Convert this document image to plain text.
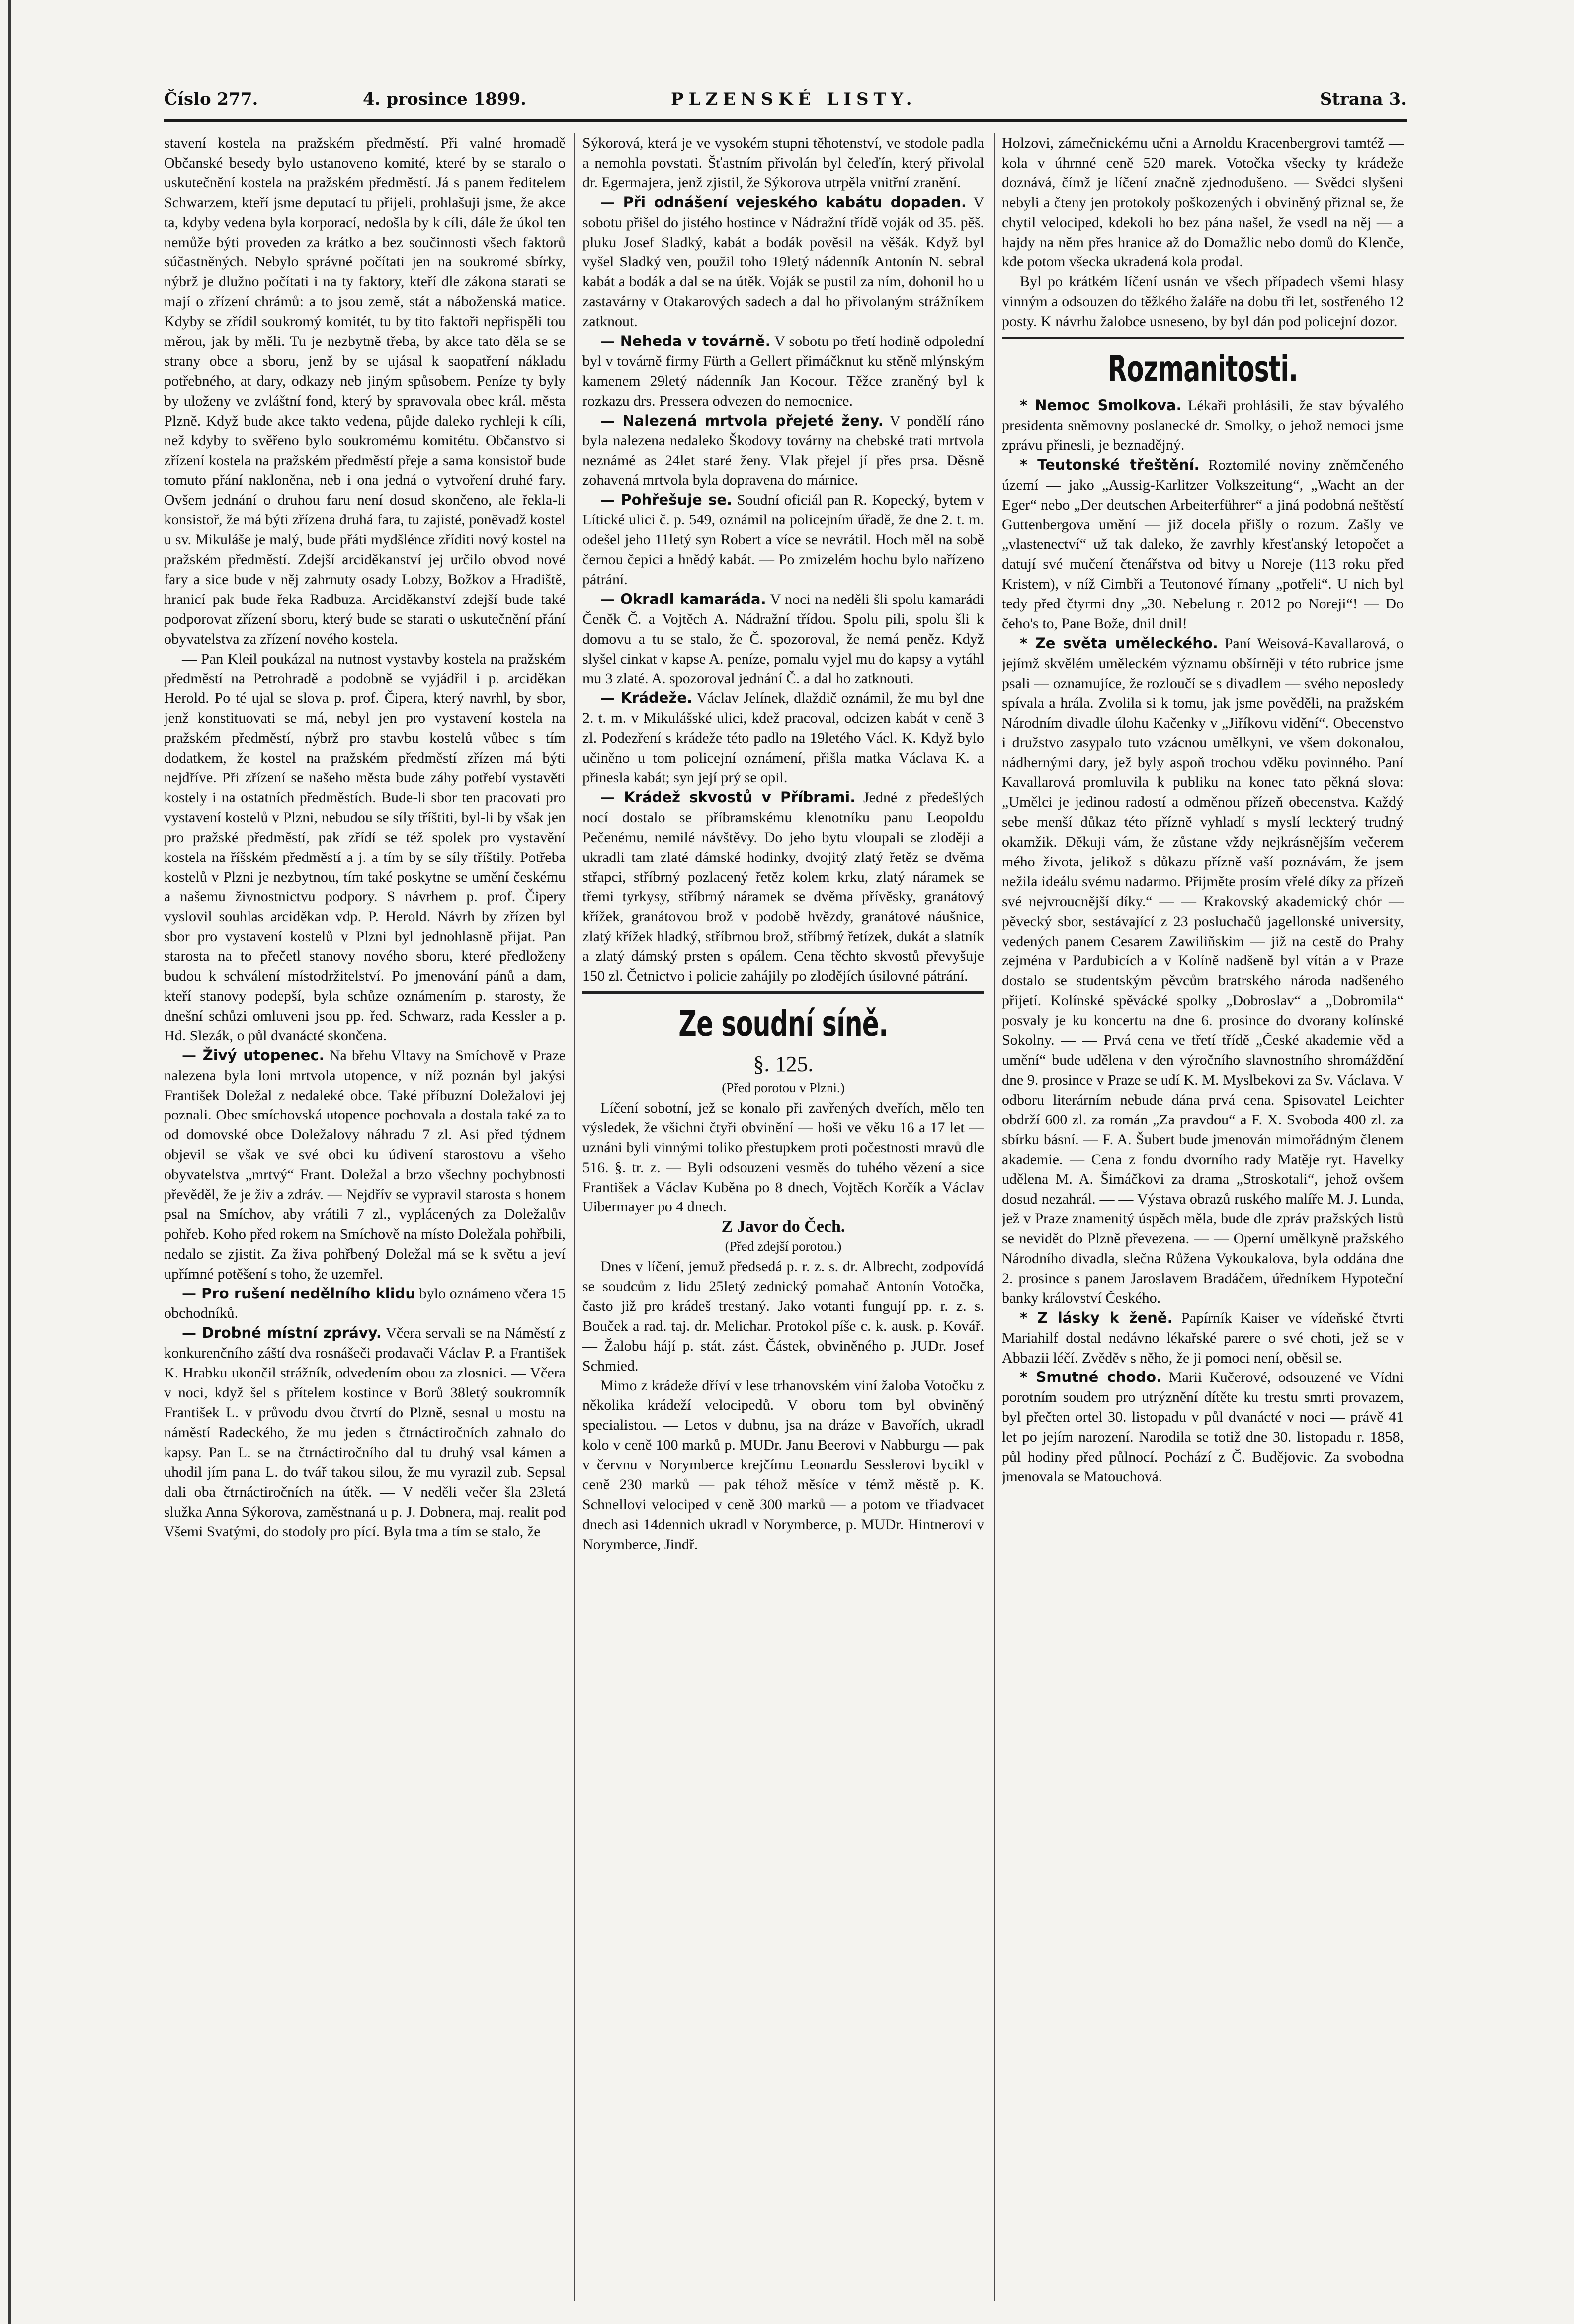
Číslo 277.	4. prosince 1899.	PLZENSKÉ LISTY.	Strana 3.

stavení kostela na pražském předměstí. Při valné hromadě Občanské besedy bylo ustanoveno komité, které by se staralo o uskutečnění kostela na pražském předměstí. Já s panem ředitelem Schwarzem, kteří jsme deputací tu přijeli, prohlašuji jsme, že akce ta, kdyby vedena byla korporací, nedošla by k cíli, dále že úkol ten nemůže býti proveden za krátko a bez součinnosti všech faktorů súčastněných. Nebylo správné počítati jen na soukromé sbírky, nýbrž je dlužno počítati i na ty faktory, kteří dle zákona starati se mají o zřízení chrámů: a to jsou země, stát a náboženská matice. Kdyby se zřídil soukromý komitét, tu by tito faktoři nepřispěli tou měrou, jak by měli. Tu je nezbytně třeba, by akce tato děla se se strany obce a sboru, jenž by se ujásal k saopatření nákladu potřebného, at dary, odkazy neb jiným spůsobem. Peníze ty byly by uloženy ve zvláštní fond, který by spravovala obec král. města Plzně. Když bude akce takto vedena, půjde daleko rychleji k cíli, než kdyby to svěřeno bylo soukromému komitétu. Občanstvo si zřízení kostela na pražském předměstí přeje a sama konsistoř bude tomuto přání nakloněna, neb i ona jedná o vytvoření druhé fary. Ovšem jednání o druhou faru není dosud skončeno, ale řekla-li konsistoř, že má býti zřízena druhá fara, tu zajisté, poněvadž kostel u sv. Mikuláše je malý, bude přáti mydšlénce zříditi nový kostel na pražském předměstí. Zdejší arciděkanství jej určilo obvod nové fary a sice bude v něj zahrnuty osady Lobzy, Božkov a Hradiště, hranicí pak bude řeka Radbuza. Arciděkanství zdejší bude také podporovat zřízení sboru, který bude se starati o uskutečnění přání obyvatelstva za zřízení nového kostela.

— Pan Kleil poukázal na nutnost vystavby kostela na pražském předměstí na Petrohradě a podobně se vyjádřil i p. arciděkan Herold. Po té ujal se slova p. prof. Čipera, který navrhl, by sbor, jenž konstituovati se má, nebyl jen pro vystavení kostela na pražském předměstí, nýbrž pro stavbu kostelů vůbec s tím dodatkem, že kostel na pražském předměstí zřízen má býti nejdříve. Při zřízení se našeho města bude záhy potřebí vystavěti kostely i na ostatních předměstích. Bude-li sbor ten pracovati pro vystavení kostelů v Plzni, nebudou se síly tříštiti, byl-li by však jen pro pražské předměstí, pak zřídí se též spolek pro vystavění kostela na říšském předměstí a j. a tím by se síly tříštily. Potřeba kostelů v Plzni je nezbytnou, tím také poskytne se umění českému a našemu živnostnictvu podpory. S návrhem p. prof. Čipery vyslovil souhlas arciděkan vdp. P. Herold. Návrh by zřízen byl sbor pro vystavení kostelů v Plzni byl jednohlasně přijat. Pan starosta na to přečetl stanovy nového sboru, které předloženy budou k schválení místodržitelství. Po jmenování pánů a dam, kteří stanovy podepší, byla schůze oznámením p. starosty, že dnešní schůzi omluveni jsou pp. řed. Schwarz, rada Kessler a p. Hd. Slezák, o půl dvanácté skončena.

— Živý utopenec. Na břehu Vltavy na Smíchově v Praze nalezena byla loni mrtvola utopence, v níž poznán byl jakýsi František Doležal z nedaleké obce. Také příbuzní Doležalovi jej poznali. Obec smíchovská utopence pochovala a dostala také za to od domovské obce Doležalovy náhradu 7 zl. Asi před týdnem objevil se však ve své obci ku údivení starostovu a všeho obyvatelstva „mrtvý“ Frant. Doležal a brzo všechny pochybnosti převěděl, že je živ a zdráv. — Nejdřív se vypravil starosta s honem psal na Smíchov, aby vrátili 7 zl., vyplácených za Doležalův pohřeb. Koho před rokem na Smíchově na místo Doležala pohřbili, nedalo se zjistit. Za živa pohřbený Doležal má se k světu a jeví upřímné potěšení s toho, že uzemřel.

— Pro rušení nedělního klidu bylo oznámeno včera 15 obchodníků.

— Drobné místní zprávy. Včera servali se na Náměstí z konkurenčního záští dva rosnášeči prodavači Václav P. a František K. Hrabku ukončil strážník, odvedením obou za zlosnici. — Včera v noci, když šel s přítelem kostince v Borů 38letý soukromník František L. v průvodu dvou čtvrtí do Plzně, sesnal u mostu na náměstí Radeckého, že mu jeden s čtrnáctiročních zahnalo do kapsy. Pan L. se na čtrnáctiročního dal tu druhý vsal kámen a uhodil jím pana L. do tvář takou silou, že mu vyrazil zub. Sepsal dali oba čtrnáctiročních na útěk. — V neděli večer šla 23letá služka Anna Sýkorova, zaměstnaná u p. J. Dobnera, maj. realit pod Všemi Svatými, do stodoly pro pící. Byla tma a tím se stalo, že

Sýkorová, která je ve vysokém stupni těhotenství, ve stodole padla a nemohla povstati. Šťastním přivolán byl čeleďín, který přivolal dr. Egermajera, jenž zjistil, že Sýkorova utrpěla vnitřní zranění.

— Při odnášení vejeského kabátu dopaden. V sobotu přišel do jistého hostince v Nádražní třídě voják od 35. pěš. pluku Josef Sladký, kabát a bodák pověsil na věšák. Když byl vyšel Sladký ven, použil toho 19letý nádenník Antonín N. sebral kabát a bodák a dal se na útěk. Voják se pustil za ním, dohonil ho u zastavárny v Otakarových sadech a dal ho přivolaným strážníkem zatknout.

— Neheda v továrně. V sobotu po třetí hodině odpolední byl v továrně firmy Fürth a Gellert přimáčknut ku stěně mlýnským kamenem 29letý nádenník Jan Kocour. Těžce zraněný byl k rozkazu drs. Pressera odvezen do nemocnice.

— Nalezená mrtvola přejeté ženy. V pondělí ráno byla nalezena nedaleko Škodovy továrny na chebské trati mrtvola neznámé as 24let staré ženy. Vlak přejel jí přes prsa. Děsně zohavená mrtvola byla dopravena do márnice.

— Pohřešuje se. Soudní oficiál pan R. Kopecký, bytem v Lítické ulici č. p. 549, oznámil na policejním úřadě, že dne 2. t. m. odešel jeho 11letý syn Robert a více se nevrátil. Hoch měl na sobě černou čepici a hnědý kabát. — Po zmizelém hochu bylo nařízeno pátrání.

— Okradl kamaráda. V noci na neděli šli spolu kamarádi Čeněk Č. a Vojtěch A. Nádražní třídou. Spolu pili, spolu šli k domovu a tu se stalo, že Č. spozoroval, že nemá peněz. Když slyšel cinkat v kapse A. peníze, pomalu vyjel mu do kapsy a vytáhl mu 3 zlaté. A. spozoroval jednání Č. a dal ho zatknouti.

— Krádeže. Václav Jelínek, dlaždič oznámil, že mu byl dne 2. t. m. v Mikulášské ulici, kdež pracoval, odcizen kabát v ceně 3 zl. Podezření s krádeže této padlo na 19letého Václ. K. Když bylo učiněno u tom policejní oznámení, přišla matka Václava K. a přinesla kabát; syn její prý se opil.

— Krádež skvostů v Příbrami. Jedné z předešlých nocí dostalo se příbramskému klenotníku panu Leopoldu Pečenému, nemilé návštěvy. Do jeho bytu vloupali se zloději a ukradli tam zlaté dámské hodinky, dvojitý zlatý řetěz se dvěma střapci, stříbrný pozlacený řetěz kolem krku, zlatý náramek se třemi tyrkysy, stříbrný náramek se dvěma přívěsky, granátový křížek, granátovou brož v podobě hvězdy, granátové náušnice, zlatý křížek hladký, stříbrnou brož, stříbrný řetízek, dukát a slatník a zlatý dámský prsten s opálem. Cena těchto skvostů převyšuje 150 zl. Četnictvo i policie zahájily po zlodějích úsilovné pátrání.

Ze soudní síně.
§. 125.

(Před porotou v Plzni.)

Líčení sobotní, jež se konalo při zavřených dveřích, mělo ten výsledek, že všichni čtyři obvinění — hoši ve věku 16 a 17 let — uznáni byli vinnými toliko přestupkem proti počestnosti mravů dle 516. §. tr. z. — Byli odsouzeni vesměs do tuhého vězení a sice František a Václav Kuběna po 8 dnech, Vojtěch Korčík a Václav Uibermayer po 4 dnech.

Z Javor do Čech.

(Před zdejší porotou.)

Dnes v líčení, jemuž předsedá p. r. z. s. dr. Albrecht, zodpovídá se soudcům z lidu 25letý zednický pomahač Antonín Votočka, často již pro krádeš trestaný. Jako votanti fungují pp. r. z. s. Bouček a rad. taj. dr. Melichar. Protokol píše c. k. ausk. p. Kovář. — Žalobu hájí p. stát. zást. Částek, obviněného p. JUDr. Josef Schmied.

Mimo z krádeže dříví v lese trhanovském viní žaloba Votočku z několika krádeží velocipedů. V oboru tom byl obviněný specialistou. — Letos v dubnu, jsa na dráze v Bavořích, ukradl kolo v ceně 100 marků p. MUDr. Janu Beerovi v Nabburgu — pak v červnu v Norymberce krejčímu Leonardu Sesslerovi bycikl v ceně 230 marků — pak téhož měsíce v témž městě p. K. Schnellovi velociped v ceně 300 marků — a potom ve třiadvacet dnech asi 14dennich ukradl v Norymberce, p. MUDr. Hintnerovi v Norymberce, Jindř.

Holzovi, zámečnickému učni a Arnoldu Kracenbergrovi tamtéž — kola v úhrnné ceně 520 marek. Votočka všecky ty krádeže doznává, čímž je líčení značně zjednodušeno. — Svědci slyšeni nebyli a čteny jen protokoly poškozených i obviněný přiznal se, že chytil velociped, kdekoli ho bez pána našel, že vsedl na něj — a hajdy na něm přes hranice až do Domažlic nebo domů do Klenče, kde potom všecka ukradená kola prodal.

Byl po krátkém líčení usnán ve všech případech všemi hlasy vinným a odsouzen do těžkého žaláře na dobu tři let, sostřeného 12 posty. K návrhu žalobce usneseno, by byl dán pod policejní dozor.

Rozmanitosti.

* Nemoc Smolkova. Lékaři prohlásili, že stav bývalého presidenta sněmovny poslanecké dr. Smolky, o jehož nemoci jsme zprávu přinesli, je beznadějný.

* Teutonské třeštění. Roztomilé noviny zněmčeného území — jako „Aussig-Karlitzer Volkszeitung“, „Wacht an der Eger“ nebo „Der deutschen Arbeiterführer“ a jiná podobná neštěstí Guttenbergova umění — již docela přišly o rozum. Zašly ve „vlastenectví“ už tak daleko, že zavrhly křesťanský letopočet a datují své mučení čtenářstva od bitvy u Noreje (113 roku před Kristem), v níž Cimbři a Teutonové římany „potřeli“. U nich byl tedy před čtyrmi dny „30. Nebelung r. 2012 po Noreji“! — Do čeho's to, Pane Bože, dnil dnil!

* Ze světa uměleckého. Paní Weisová-Kavallarová, o jejímž skvělém uměleckém významu obšírněji v této rubrice jsme psali — oznamujíce, že rozloučí se s divadlem — svého neposledy spívala a hrála. Zvolila si k tomu, jak jsme pověděli, na pražském Národním divadle úlohu Kačenky v „Jiříkovu vidění“. Obecenstvo i družstvo zasypalo tuto vzácnou umělkyni, ve všem dokonalou, nádhernými dary, jež byly aspoň trochou vděku povinného. Paní Kavallarová promluvila k publiku na konec tato pěkná slova: „Umělci je jedinou radostí a odměnou přízeň obecenstva. Každý sebe menší důkaz této přízně vyhladí s myslí leckterý trudný okamžik. Děkuji vám, že zůstane vždy nejkrásnějším večerem mého života, jelikož s důkazu přízně vaší poznávám, že jsem nežila ideálu svému nadarmo. Přijměte prosím vřelé díky za přízeň své nejvroucnější díky.“ — — Krakovský akademický chór — pěvecký sbor, sestávající z 23 posluchačů jagellonské university, vedených panem Cesarem Zawiliňskim — již na cestě do Prahy zejména v Pardubicích a v Kolíně nadšeně byl vítán a v Praze dostalo se studentským pěvcům bratrského národa nadšeného přijetí. Kolínské spěvácké spolky „Dobroslav“ a „Dobromila“ posvaly je ku koncertu na dne 6. prosince do dvorany kolínské Sokolny. — — Prvá cena ve třetí třídě „České akademie věd a umění“ bude udělena v den výročního slavnostního shromáždění dne 9. prosince v Praze se udí K. M. Myslbekovi za Sv. Václava. V odboru literárním nebude dána prvá cena. Spisovatel Leichter obdrží 600 zl. za román „Za pravdou“ a F. X. Svoboda 400 zl. za sbírku básní. — F. A. Šubert bude jmenován mimořádným členem akademie. — Cena z fondu dvorního rady Matěje ryt. Havelky udělena M. A. Šimáčkovi za drama „Stroskotali“, jehož ovšem dosud nezahrál. — — Výstava obrazů ruského malíře M. J. Lunda, jež v Praze znamenitý úspěch měla, bude dle zpráv pražských listů se nevidět do Plzně převezena. — — Operní umělkyně pražského Národního divadla, slečna Růžena Vykoukalova, byla oddána dne 2. prosince s panem Jaroslavem Bradáčem, úředníkem Hypoteční banky království Českého.

* Z lásky k ženě. Papírník Kaiser ve vídeňské čtvrti Mariahilf dostal nedávno lékařské parere o své choti, jež se v Abbazii léčí. Zvěděv s něho, že ji pomoci není, oběsil se.

* Smutné chodo. Marii Kučerové, odsouzené ve Vídni porotním soudem pro utrýznění dítěte ku trestu smrti provazem, byl přečten ortel 30. listopadu v půl dvanácté v noci — právě 41 let po jejím narození. Narodila se totiž dne 30. listopadu r. 1858, půl hodiny před půlnocí. Pochází z Č. Budějovic. Za svobodna jmenovala se Matouchová.
